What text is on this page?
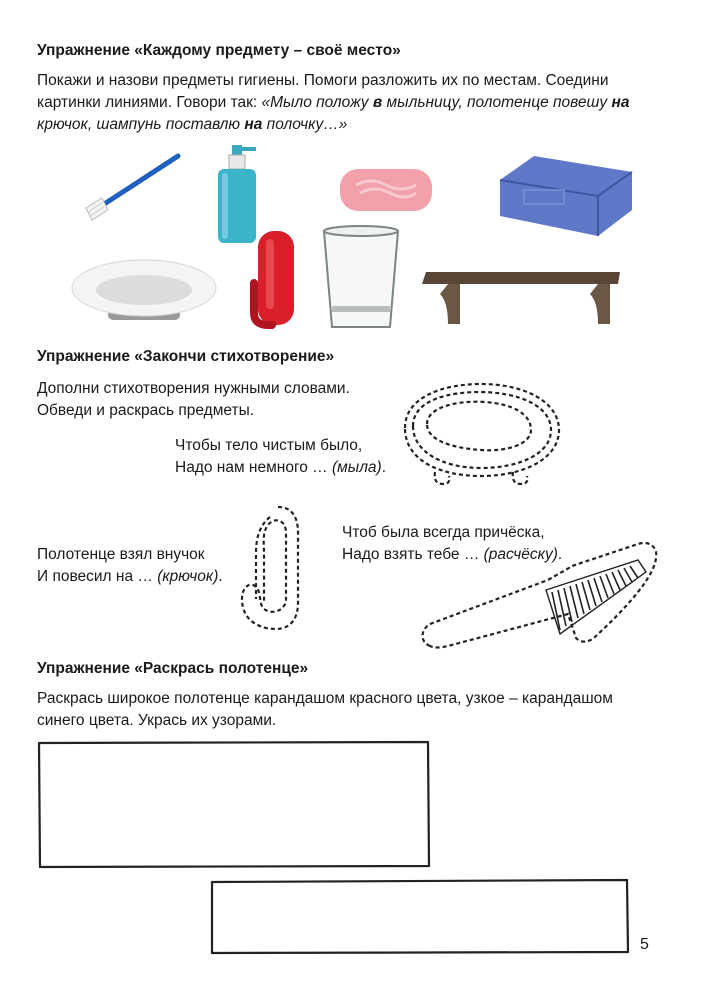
Упражнение «Каждому предмету – своё место»
Покажи и назови предметы гигиены. Помоги разложить их по местам. Соедини
картинки линиями. Говори так: «Мыло положу в мыльницу, полотенце повешу на
крючок, шампунь поставлю на полочку…»
Упражнение «Закончи стихотворение»
Дополни стихотворения нужными словами.
Обведи и раскрась предметы.
Чтобы тело чистым было,
Надо нам немного … (мыла).
Полотенце взял внучок
И повесил на … (крючок).
Чтоб была всегда причёска,
Надо взять тебе … (расчёску).
Упражнение «Раскрась полотенце»
Раскрась широкое полотенце карандашом красного цвета, узкое – карандашом
синего цвета. Укрась их узорами.
5
